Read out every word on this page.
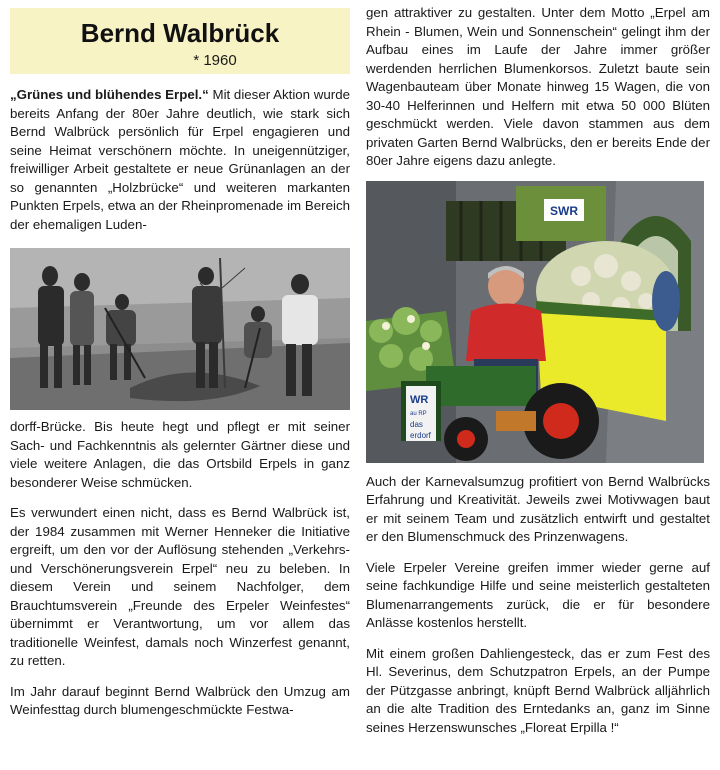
Bernd Walbrück
* 1960

„Grünes und blühendes Erpel.“ Mit dieser Aktion wurde bereits Anfang der 80er Jahre deutlich, wie stark sich Bernd Walbrück persönlich für Erpel engagieren und seine Heimat verschönern möchte. In uneigennütziger, freiwilliger Arbeit gestaltete er neue Grünanlagen an der so genannten „Holzbrücke“ und weiteren markanten Punkten Erpels, etwa an der Rheinpromenade im Bereich der ehemaligen Luden-

dorff-Brücke. Bis heute hegt und pflegt er mit seiner Sach- und Fachkenntnis als gelernter Gärtner diese und viele weitere Anlagen, die das Ortsbild Erpels in ganz besonderer Weise schmücken.

Es verwundert einen nicht, dass es Bernd Walbrück ist, der 1984 zusammen mit Werner Henneker die Initiative ergreift, um den vor der Auflösung stehenden „Verkehrs- und Verschönerungsverein Erpel“ neu zu beleben. In diesem Verein und seinem Nachfolger, dem Brauchtumsverein „Freunde des Erpeler Weinfestes“ übernimmt er Verantwortung, um vor allem das traditionelle Weinfest, damals noch Winzerfest genannt, zu retten.

Im Jahr darauf beginnt Bernd Walbrück den Umzug am Weinfesttag durch blumengeschmückte Festwa-

gen attraktiver zu gestalten. Unter dem Motto „Erpel am Rhein - Blumen, Wein und Sonnenschein“ gelingt ihm der Aufbau eines im Laufe der Jahre immer größer werdenden herrlichen Blumenkorsos. Zuletzt baute sein Wagenbauteam über Monate hinweg 15 Wagen, die von 30-40 Helferinnen und Helfern mit etwa 50 000 Blüten geschmückt werden. Viele davon stammen aus dem privaten Garten Bernd Walbrücks, den er bereits Ende der 80er Jahre eigens dazu anlegte.

SWR
WR
au RP
das
erdorf

Auch der Karnevalsumzug profitiert von Bernd Walbrücks Erfahrung und Kreativität. Jeweils zwei Motivwagen baut er mit seinem Team und zusätzlich entwirft und gestaltet er den Blumenschmuck des Prinzenwagens.

Viele Erpeler Vereine greifen immer wieder gerne auf seine fachkundige Hilfe und seine meisterlich gestalteten Blumenarrangements zurück, die er für besondere Anlässe kostenlos herstellt.

Mit einem großen Dahliengesteck, das er zum Fest des Hl. Severinus, dem Schutzpatron Erpels, an der Pumpe der Pützgasse anbringt, knüpft Bernd Walbrück alljährlich an die alte Tradition des Erntedanks an, ganz im Sinne seines Herzenswunsches „Floreat Erpilla !“
